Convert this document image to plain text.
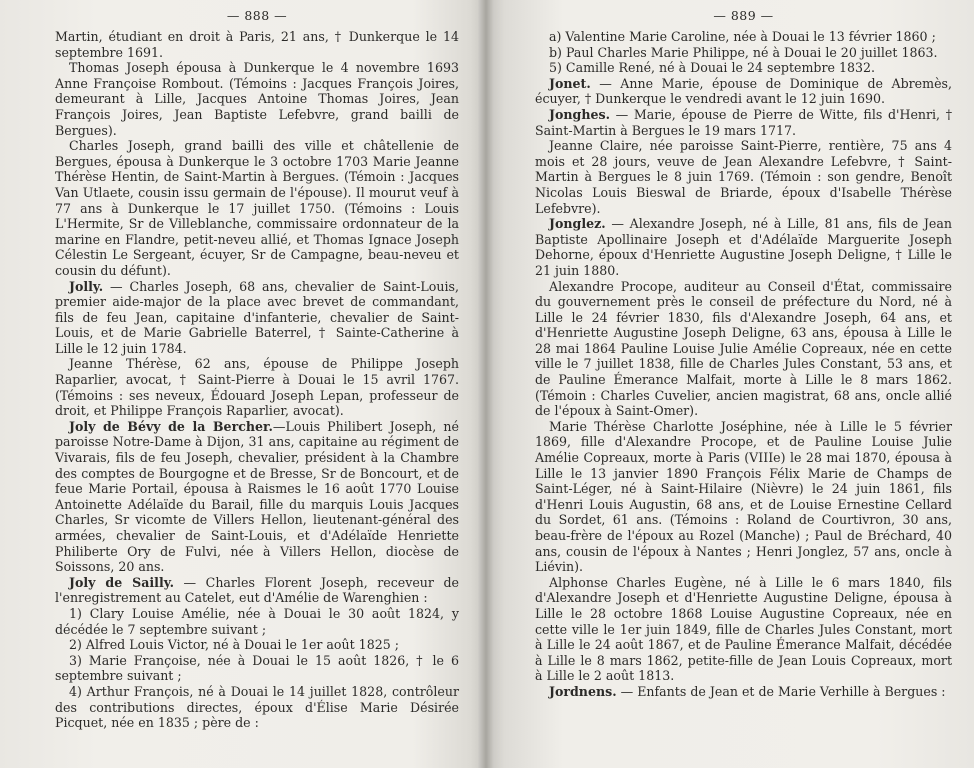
— 888 —

Martin, étudiant en droit à Paris, 21 ans, † Dunkerque le 14 septembre 1691.

Thomas Joseph épousa à Dunkerque le 4 novembre 1693 Anne Françoise Rombout. (Témoins : Jacques François Joires, demeurant à Lille, Jacques Antoine Thomas Joires, Jean François Joires, Jean Baptiste Lefebvre, grand bailli de Bergues).

Charles Joseph, grand bailli des ville et châtellenie de Bergues, épousa à Dunkerque le 3 octobre 1703 Marie Jeanne Thérèse Hentin, de Saint-Martin à Bergues. (Témoin : Jacques Van Utlaete, cousin issu germain de l'épouse). Il mourut veuf à 77 ans à Dunkerque le 17 juillet 1750. (Témoins : Louis L'Hermite, Sr de Villeblanche, commissaire ordonnateur de la marine en Flandre, petit-neveu allié, et Thomas Ignace Joseph Célestin Le Sergeant, écuyer, Sr de Campagne, beau-neveu et cousin du défunt).

Jolly. — Charles Joseph, 68 ans, chevalier de Saint-Louis, premier aide-major de la place avec brevet de commandant, fils de feu Jean, capitaine d'infanterie, chevalier de Saint-Louis, et de Marie Gabrielle Baterrel, † Sainte-Catherine à Lille le 12 juin 1784.

Jeanne Thérèse, 62 ans, épouse de Philippe Joseph Raparlier, avocat, † Saint-Pierre à Douai le 15 avril 1767. (Témoins : ses neveux, Édouard Joseph Lepan, professeur de droit, et Philippe François Raparlier, avocat).

Joly de Bévy de la Bercher.—Louis Philibert Joseph, né paroisse Notre-Dame à Dijon, 31 ans, capitaine au régiment de Vivarais, fils de feu Joseph, chevalier, président à la Chambre des comptes de Bourgogne et de Bresse, Sr de Boncourt, et de feue Marie Portail, épousa à Raismes le 16 août 1770 Louise Antoinette Adélaïde du Barail, fille du marquis Louis Jacques Charles, Sr vicomte de Villers Hellon, lieutenant-général des armées, chevalier de Saint-Louis, et d'Adélaïde Henriette Philiberte Ory de Fulvi, née à Villers Hellon, diocèse de Soissons, 20 ans.

Joly de Sailly. — Charles Florent Joseph, receveur de l'enregistrement au Catelet, eut d'Amélie de Warenghien :

1) Clary Louise Amélie, née à Douai le 30 août 1824, y décédée le 7 septembre suivant ;

2) Alfred Louis Victor, né à Douai le 1er août 1825 ;

3) Marie Françoise, née à Douai le 15 août 1826, † le 6 septembre suivant ;

4) Arthur François, né à Douai le 14 juillet 1828, contrôleur des contributions directes, époux d'Élise Marie Désirée Picquet, née en 1835 ; père de :

— 889 —

a) Valentine Marie Caroline, née à Douai le 13 février 1860 ;

b) Paul Charles Marie Philippe, né à Douai le 20 juillet 1863.

5) Camille René, né à Douai le 24 septembre 1832.

Jonet. — Anne Marie, épouse de Dominique de Abremès, écuyer, † Dunkerque le vendredi avant le 12 juin 1690.

Jonghes. — Marie, épouse de Pierre de Witte, fils d'Henri, † Saint-Martin à Bergues le 19 mars 1717.

Jeanne Claire, née paroisse Saint-Pierre, rentière, 75 ans 4 mois et 28 jours, veuve de Jean Alexandre Lefebvre, † Saint-Martin à Bergues le 8 juin 1769. (Témoin : son gendre, Benoît Nicolas Louis Bieswal de Briarde, époux d'Isabelle Thérèse Lefebvre).

Jonglez. — Alexandre Joseph, né à Lille, 81 ans, fils de Jean Baptiste Apollinaire Joseph et d'Adélaïde Marguerite Joseph Dehorne, époux d'Henriette Augustine Joseph Deligne, † Lille le 21 juin 1880.

Alexandre Procope, auditeur au Conseil d'État, commissaire du gouvernement près le conseil de préfecture du Nord, né à Lille le 24 février 1830, fils d'Alexandre Joseph, 64 ans, et d'Henriette Augustine Joseph Deligne, 63 ans, épousa à Lille le 28 mai 1864 Pauline Louise Julie Amélie Copreaux, née en cette ville le 7 juillet 1838, fille de Charles Jules Constant, 53 ans, et de Pauline Émerance Malfait, morte à Lille le 8 mars 1862. (Témoin : Charles Cuvelier, ancien magistrat, 68 ans, oncle allié de l'époux à Saint-Omer).

Marie Thérèse Charlotte Joséphine, née à Lille le 5 février 1869, fille d'Alexandre Procope, et de Pauline Louise Julie Amélie Copreaux, morte à Paris (VIIIe) le 28 mai 1870, épousa à Lille le 13 janvier 1890 François Félix Marie de Champs de Saint-Léger, né à Saint-Hilaire (Nièvre) le 24 juin 1861, fils d'Henri Louis Augustin, 68 ans, et de Louise Ernestine Cellard du Sordet, 61 ans. (Témoins : Roland de Courtivron, 30 ans, beau-frère de l'époux au Rozel (Manche) ; Paul de Bréchard, 40 ans, cousin de l'époux à Nantes ; Henri Jonglez, 57 ans, oncle à Liévin).

Alphonse Charles Eugène, né à Lille le 6 mars 1840, fils d'Alexandre Joseph et d'Henriette Augustine Deligne, épousa à Lille le 28 octobre 1868 Louise Augustine Copreaux, née en cette ville le 1er juin 1849, fille de Charles Jules Constant, mort à Lille le 24 août 1867, et de Pauline Émerance Malfait, décédée à Lille le 8 mars 1862, petite-fille de Jean Louis Copreaux, mort à Lille le 2 août 1813.

Jordnens. — Enfants de Jean et de Marie Verhille à Bergues :
